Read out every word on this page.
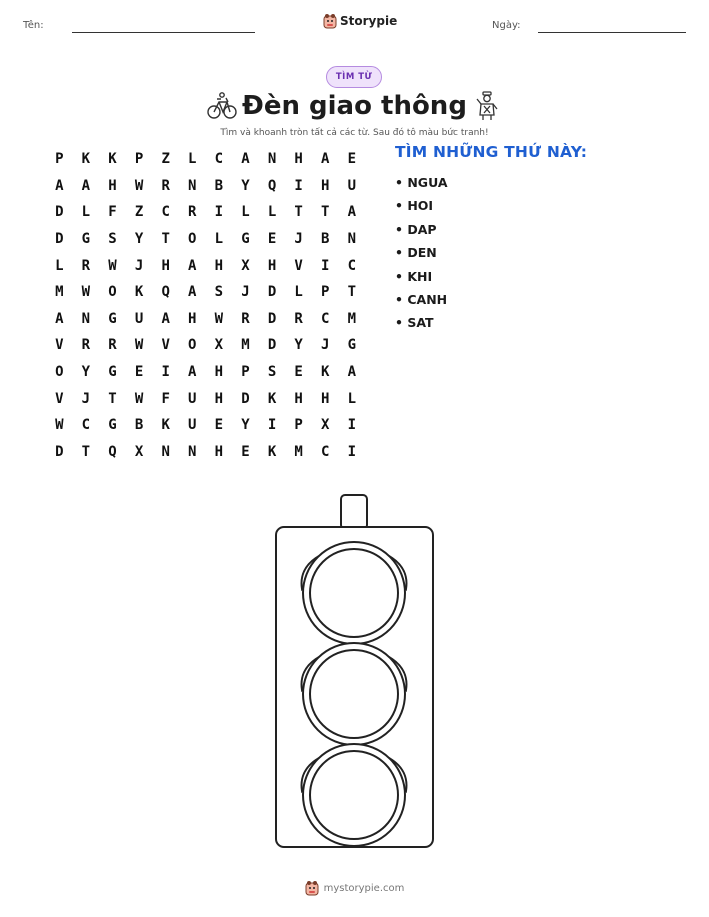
Tên:	Storypie	Ngày:
TÌM TỪ
Đèn giao thông
Tìm và khoanh tròn tất cả các từ. Sau đó tô màu bức tranh!
P	K	K	P	Z	L	C	A	N	H	A	E
A	A	H	W	R	N	B	Y	Q	I	H	U
D	L	F	Z	C	R	I	L	L	T	T	A
D	G	S	Y	T	O	L	G	E	J	B	N
L	R	W	J	H	A	H	X	H	V	I	C
M	W	O	K	Q	A	S	J	D	L	P	T
A	N	G	U	A	H	W	R	D	R	C	M
V	R	R	W	V	O	X	M	D	Y	J	G
O	Y	G	E	I	A	H	P	S	E	K	A
V	J	T	W	F	U	H	D	K	H	H	L
W	C	G	B	K	U	E	Y	I	P	X	I
D	T	Q	X	N	N	H	E	K	M	C	I
TÌM NHỮNG THỨ NÀY:
• NGUA
• HOI
• DAP
• DEN
• KHI
• CANH
• SAT
mystorypie.com
